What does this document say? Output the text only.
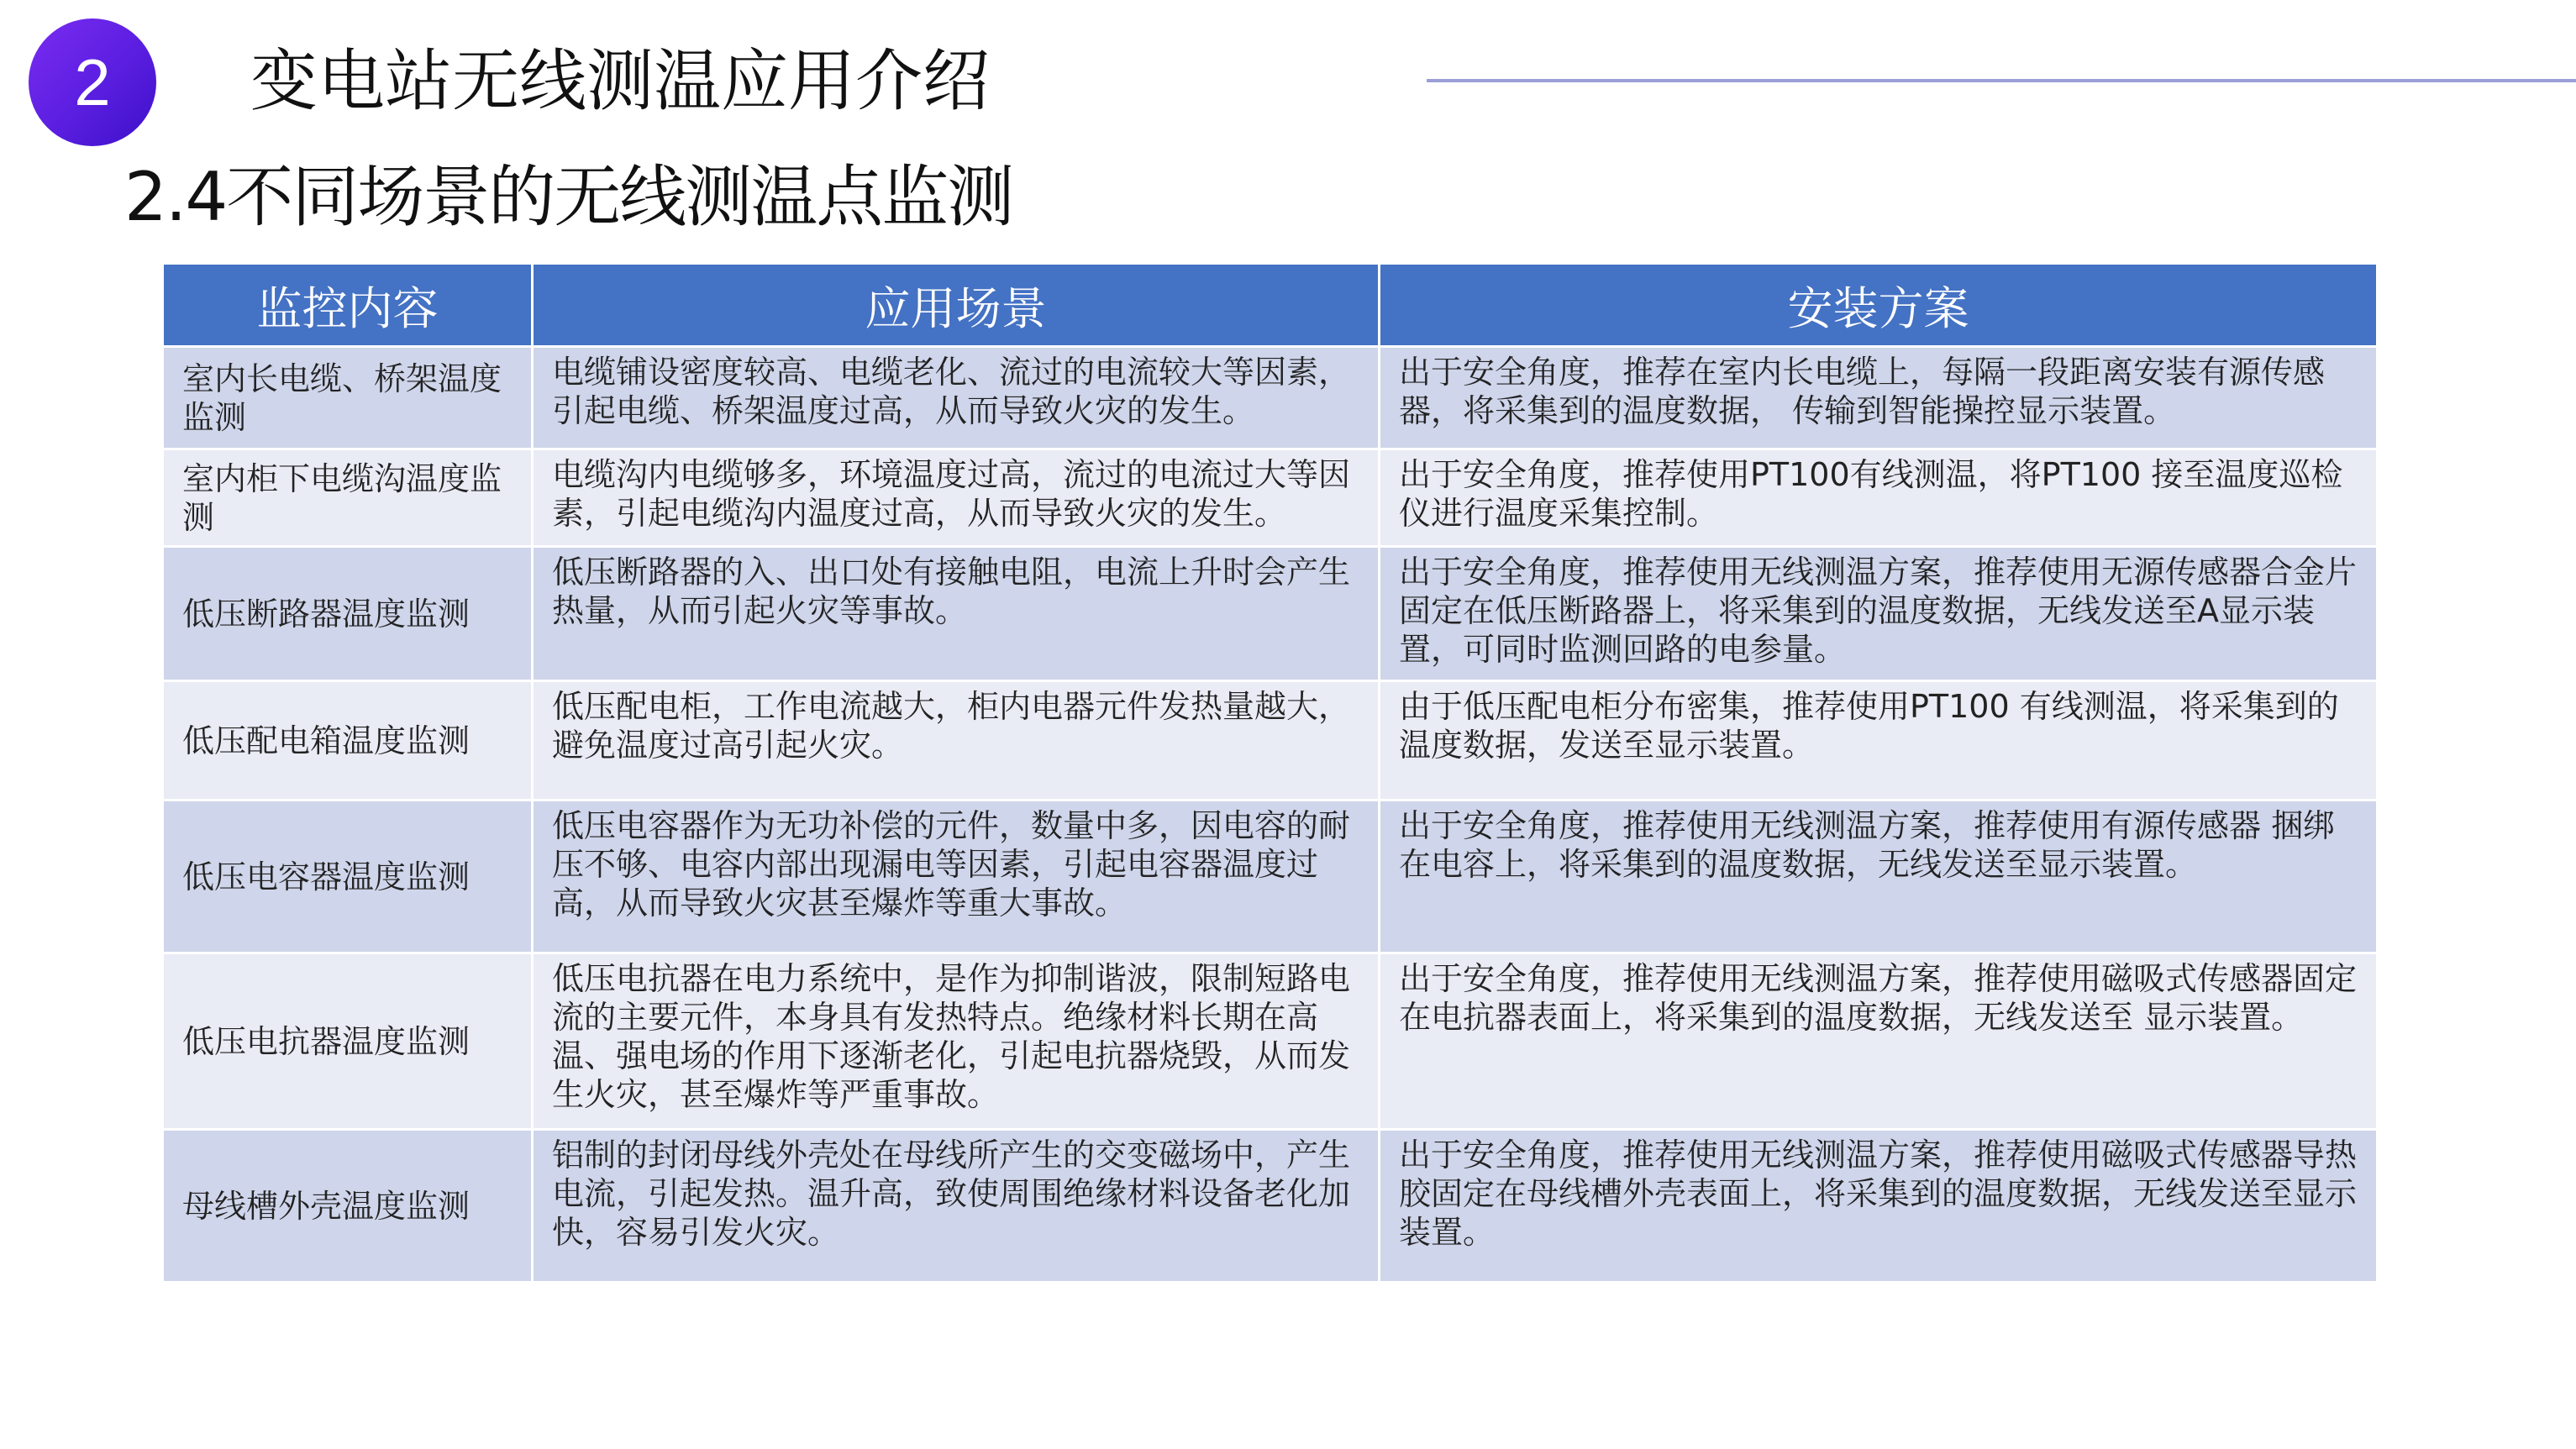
2 变电站无线测温应用介绍
2.4不同场景的无线测温点监测
监控内容	应用场景	安装方案
室内长电缆、桥架温度监测	电缆铺设密度较高、电缆老化、流过的电流较大等因素，引起电缆、桥架温度过高，从而导致火灾的发生。	出于安全角度，推荐在室内长电缆上，每隔一段距离安装有源传感器，将采集到的温度数据， 传输到智能操控显示装置。
室内柜下电缆沟温度监测	电缆沟内电缆够多，环境温度过高，流过的电流过大等因素，引起电缆沟内温度过高，从而导致火灾的发生。	出于安全角度，推荐使用PT100有线测温，将PT100 接至温度巡检仪进行温度采集控制。
低压断路器温度监测	低压断路器的入、出口处有接触电阻，电流上升时会产生热量，从而引起火灾等事故。	出于安全角度，推荐使用无线测温方案，推荐使用无源传感器合金片固定在低压断路器上，将采集到的温度数据，无线发送至A显示装置，可同时监测回路的电参量。
低压配电箱温度监测	低压配电柜，工作电流越大，柜内电器元件发热量越大，避免温度过高引起火灾。	由于低压配电柜分布密集，推荐使用PT100 有线测温，将采集到的温度数据，发送至显示装置。
低压电容器温度监测	低压电容器作为无功补偿的元件，数量中多，因电容的耐压不够、电容内部出现漏电等因素，引起电容器温度过高，从而导致火灾甚至爆炸等重大事故。	出于安全角度，推荐使用无线测温方案，推荐使用有源传感器 捆绑在电容上，将采集到的温度数据，无线发送至显示装置。
低压电抗器温度监测	低压电抗器在电力系统中，是作为抑制谐波，限制短路电流的主要元件，本身具有发热特点。绝缘材料长期在高温、强电场的作用下逐渐老化，引起电抗器烧毁，从而发生火灾，甚至爆炸等严重事故。	出于安全角度，推荐使用无线测温方案，推荐使用磁吸式传感器固定在电抗器表面上，将采集到的温度数据，无线发送至 显示装置。
母线槽外壳温度监测	铝制的封闭母线外壳处在母线所产生的交变磁场中，产生电流，引起发热。温升高，致使周围绝缘材料设备老化加快，容易引发火灾。	出于安全角度，推荐使用无线测温方案，推荐使用磁吸式传感器导热胶固定在母线槽外壳表面上，将采集到的温度数据，无线发送至显示装置。
